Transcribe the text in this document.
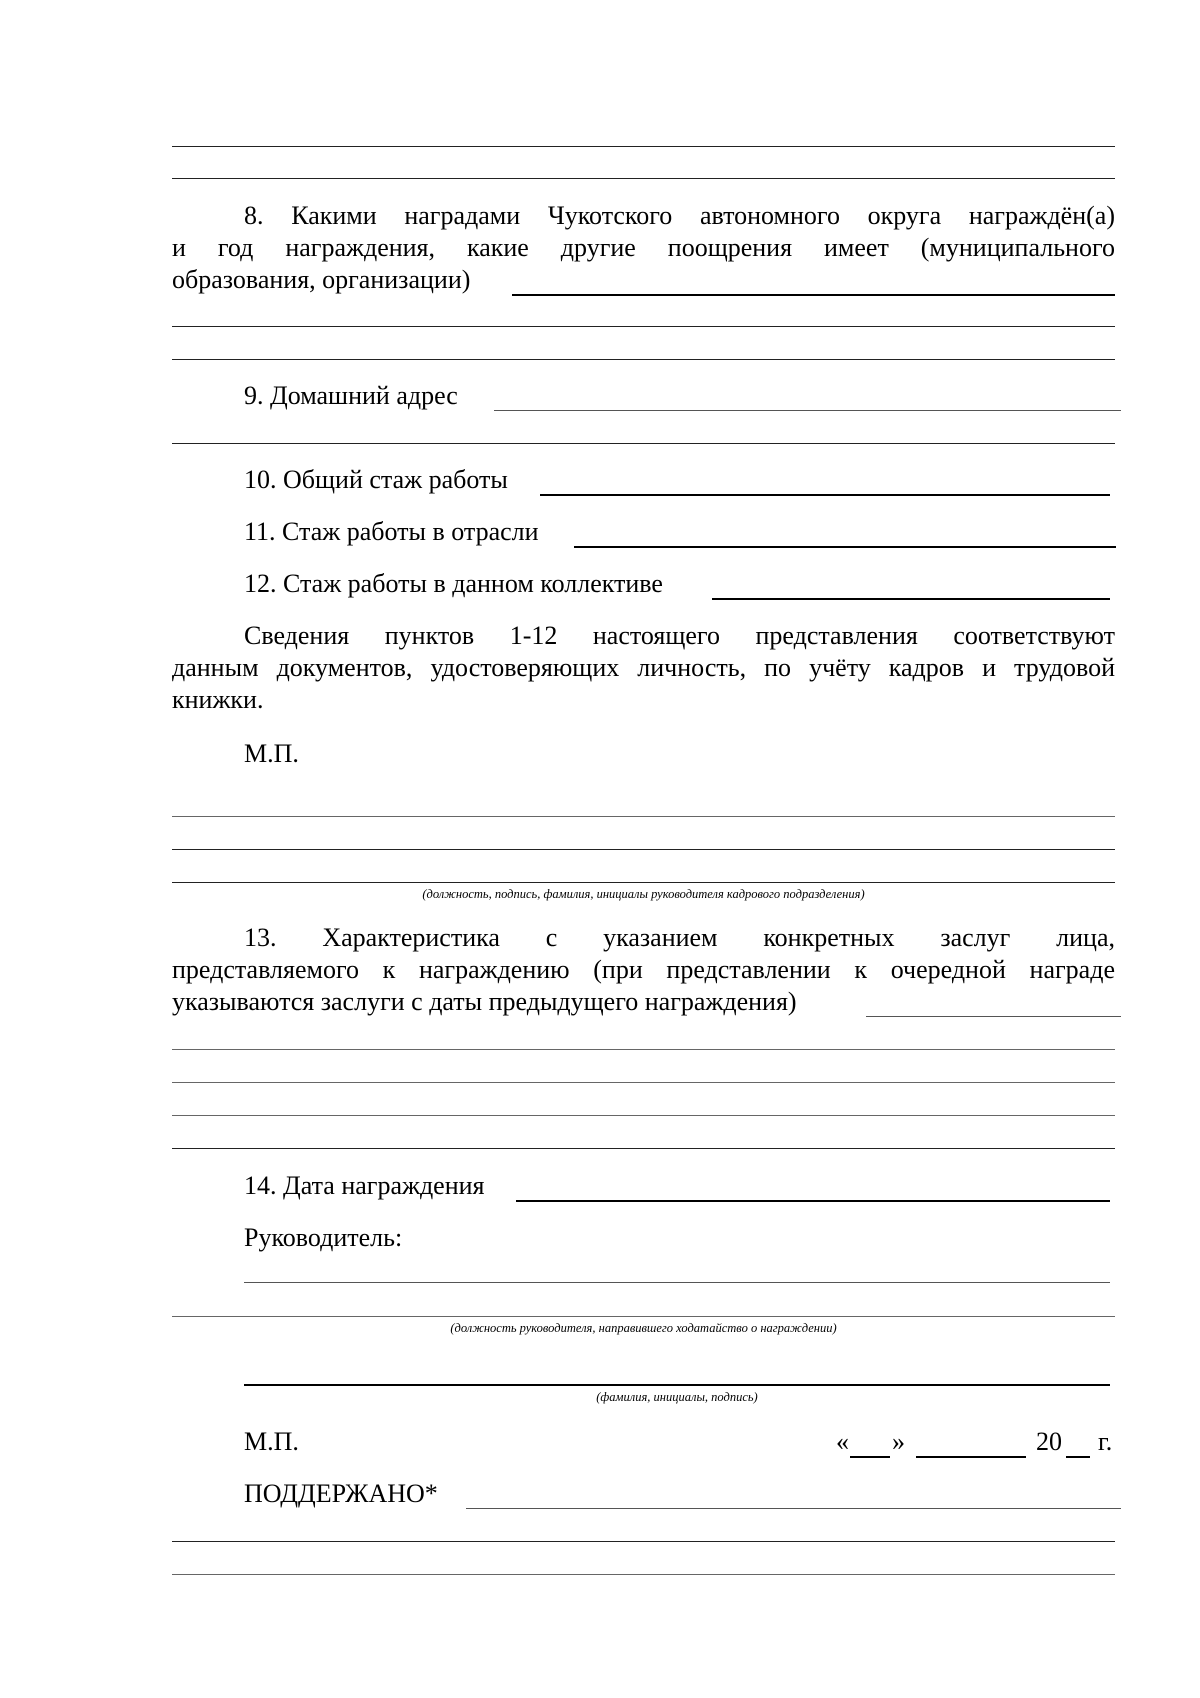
8. Какими наградами Чукотского автономного округа награждён(а)
и год награждения, какие другие поощрения имеет (муниципального
образования, организации)
9. Домашний адрес
10. Общий стаж работы
11. Стаж работы в отрасли
12. Стаж работы в данном коллективе
Сведения пунктов 1-12 настоящего представления соответствуют
данным документов, удостоверяющих личность, по учёту кадров и трудовой
книжки.
М.П.
(должность, подпись, фамилия, инициалы руководителя кадрового подразделения)
13. Характеристика с указанием конкретных заслуг лица,
представляемого к награждению (при представлении к очередной награде
указываются заслуги с даты предыдущего награждения)
14. Дата награждения
Руководитель:
(должность руководителя, направившего ходатайство о награждении)
(фамилия, инициалы, подпись)
М.П.	« »	20 г.
ПОДДЕРЖАНО*
